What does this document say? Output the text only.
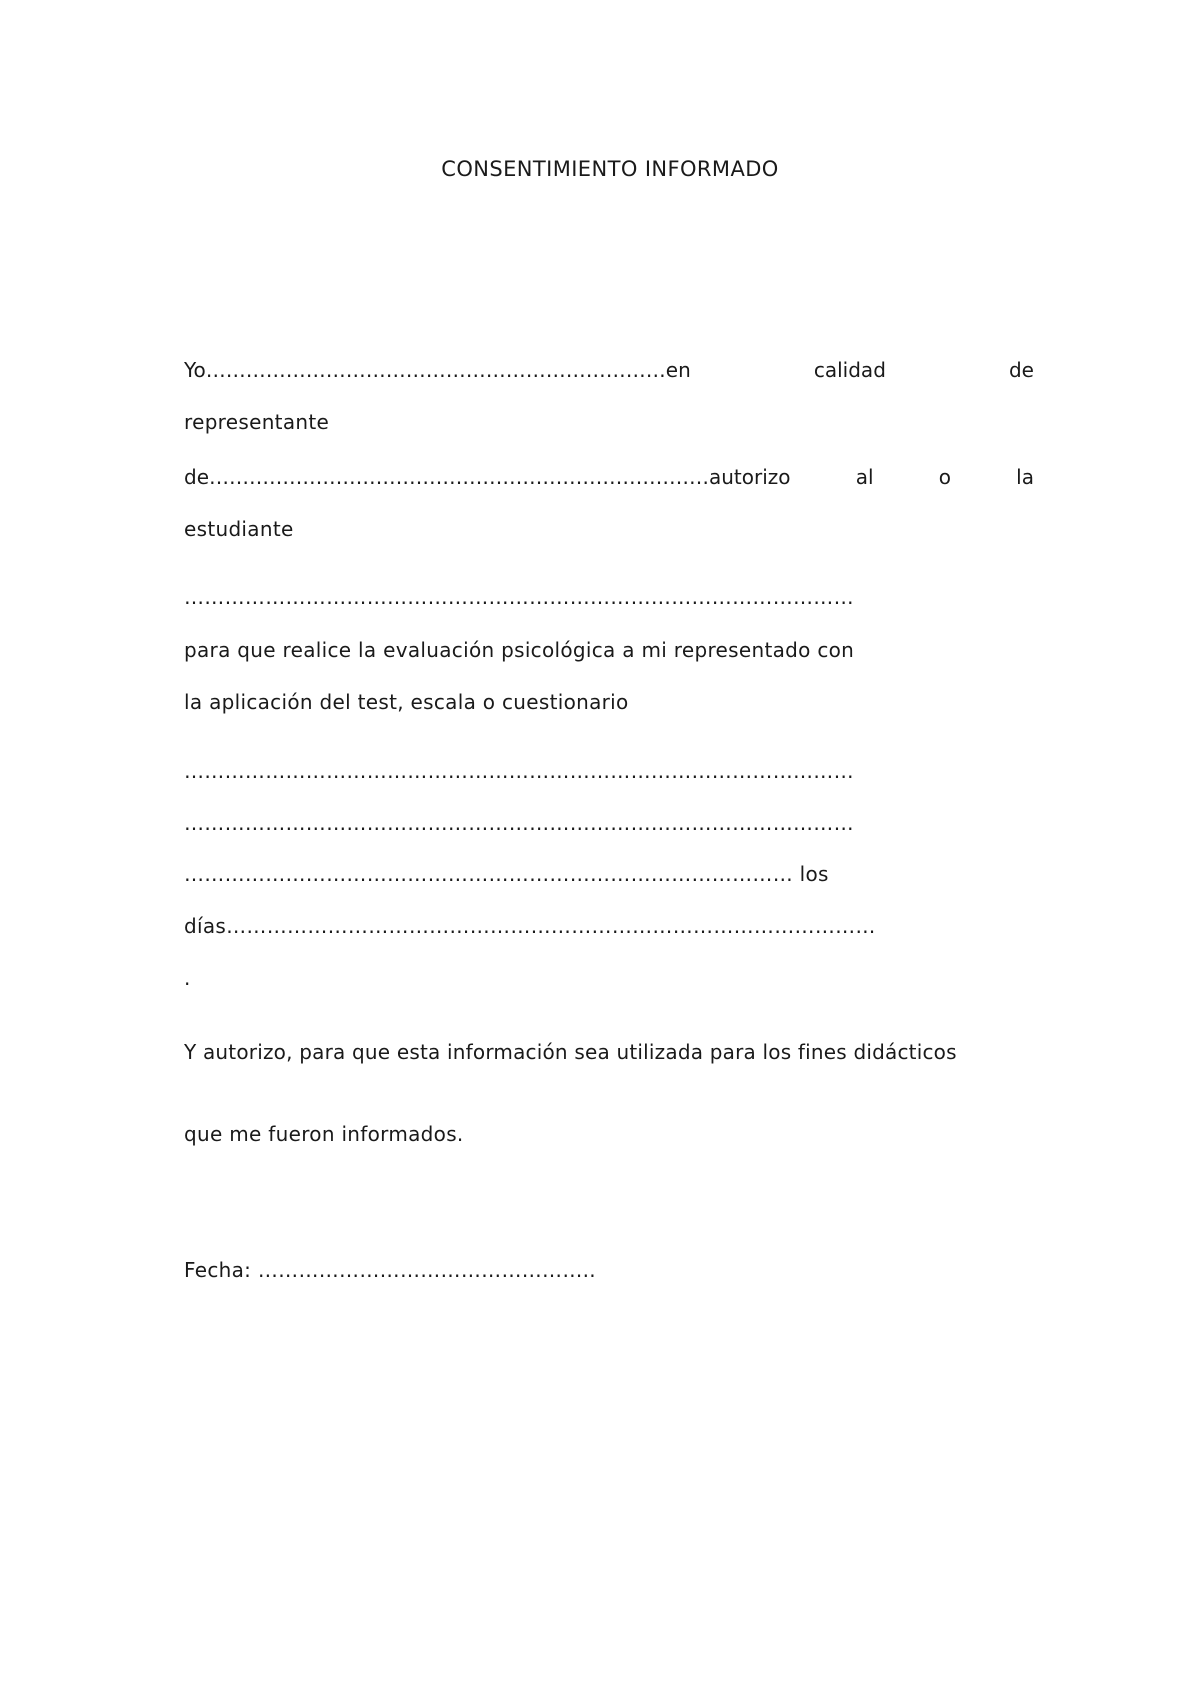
CONSENTIMIENTO INFORMADO
Yo……………………………………………………………en	calidad	de
representante
de…………………………………………………………………autorizo	al	o	la
estudiante
………………………………………………………………………………………
para que realice la evaluación psicológica a mi representado con
la aplicación del test, escala o cuestionario
………………………………………………………………………………………
………………………………………………………………………………………
……………………………………………………………………………… los
días……………………………………………………………………………………
.
Y autorizo, para que esta información sea utilizada para los fines didácticos
que me fueron informados.
Fecha: …………………………………………..
